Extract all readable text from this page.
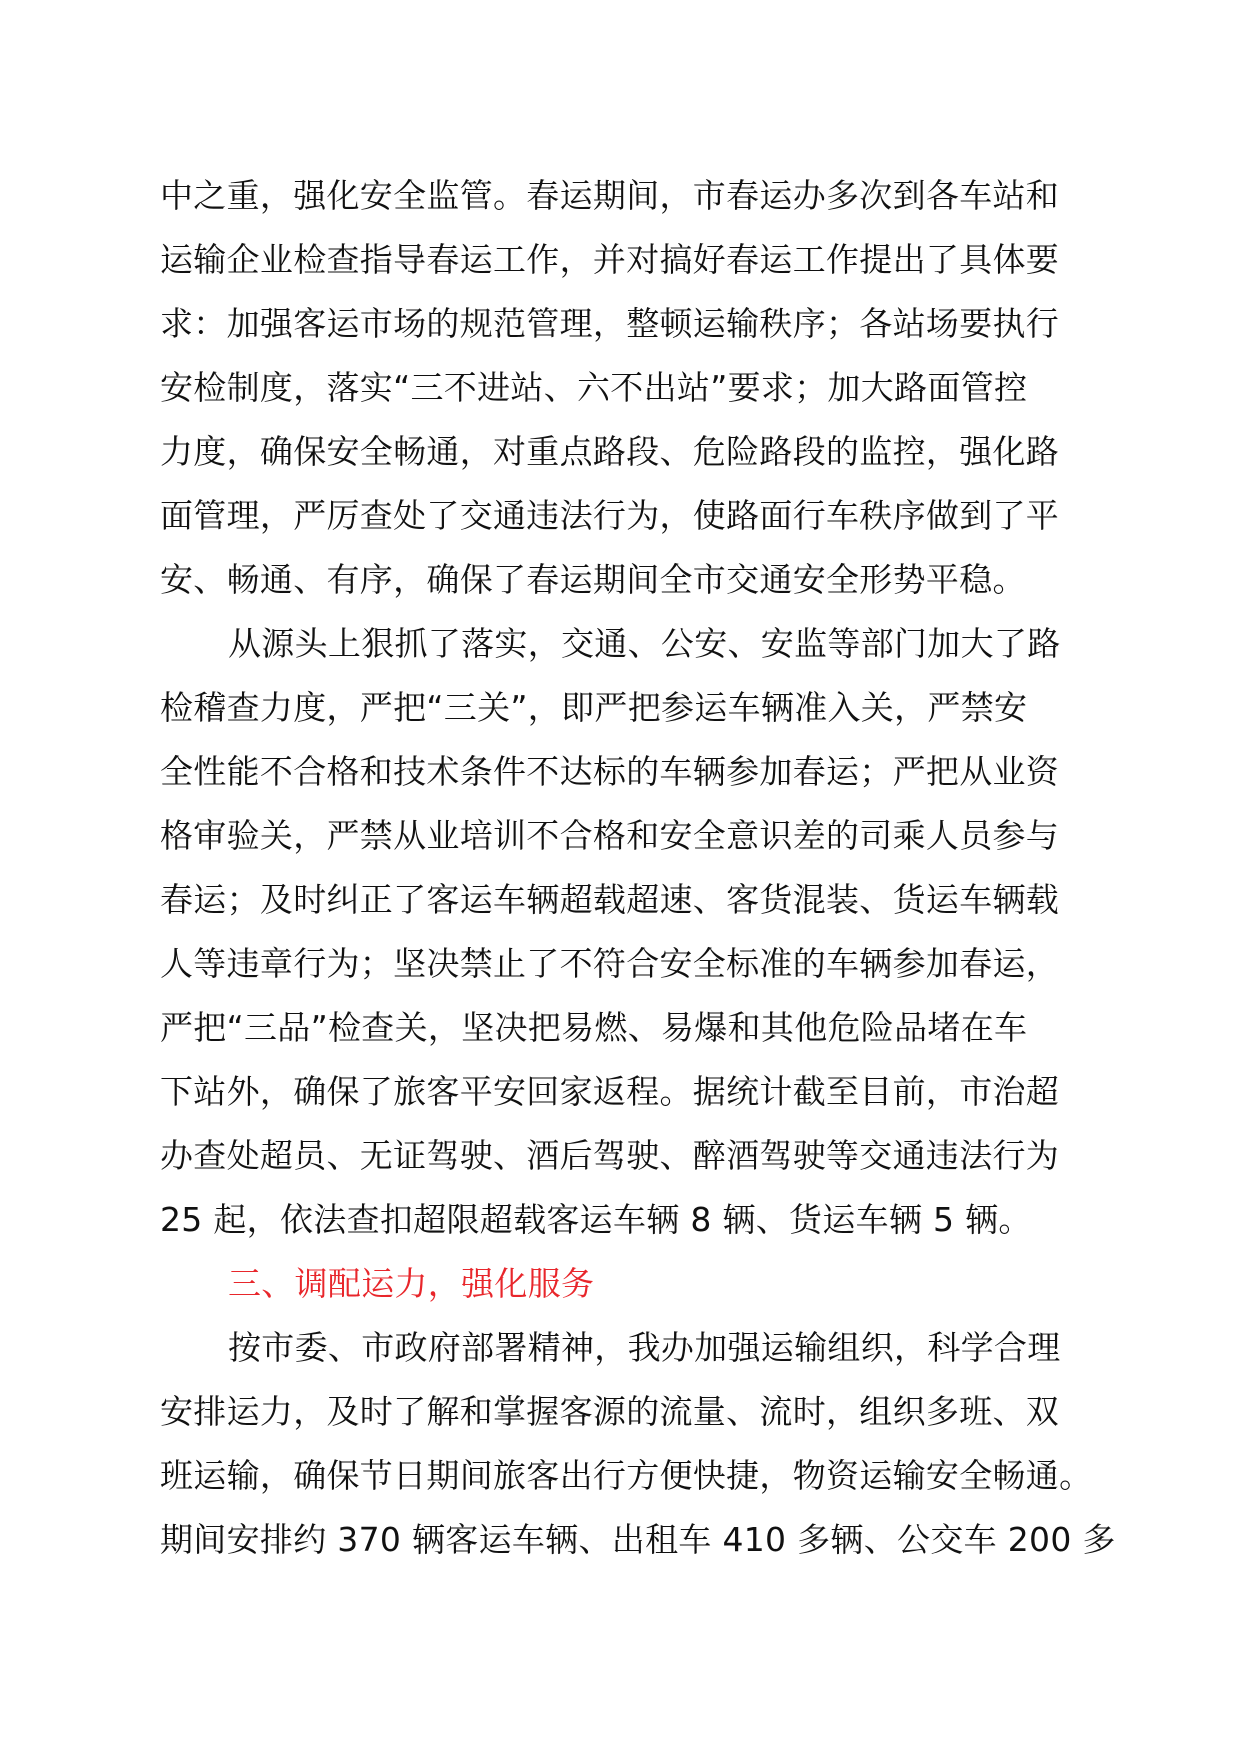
中之重，强化安全监管。春运期间，市春运办多次到各车站和
运输企业检查指导春运工作，并对搞好春运工作提出了具体要
求：加强客运市场的规范管理，整顿运输秩序；各站场要执行
安检制度，落实“三不进站、六不出站”要求；加大路面管控
力度，确保安全畅通，对重点路段、危险路段的监控，强化路
面管理，严厉查处了交通违法行为，使路面行车秩序做到了平
安、畅通、有序，确保了春运期间全市交通安全形势平稳。
从源头上狠抓了落实，交通、公安、安监等部门加大了路
检稽查力度，严把“三关”，即严把参运车辆准入关，严禁安
全性能不合格和技术条件不达标的车辆参加春运；严把从业资
格审验关，严禁从业培训不合格和安全意识差的司乘人员参与
春运；及时纠正了客运车辆超载超速、客货混装、货运车辆载
人等违章行为；坚决禁止了不符合安全标准的车辆参加春运，
严把“三品”检查关，坚决把易燃、易爆和其他危险品堵在车
下站外，确保了旅客平安回家返程。据统计截至目前，市治超
办查处超员、无证驾驶、酒后驾驶、醉酒驾驶等交通违法行为
25 起，依法查扣超限超载客运车辆 8 辆、货运车辆 5 辆。
三、调配运力，强化服务
按市委、市政府部署精神，我办加强运输组织，科学合理
安排运力，及时了解和掌握客源的流量、流时，组织多班、双
班运输，确保节日期间旅客出行方便快捷，物资运输安全畅通。
期间安排约 370 辆客运车辆、出租车 410 多辆、公交车 200 多
